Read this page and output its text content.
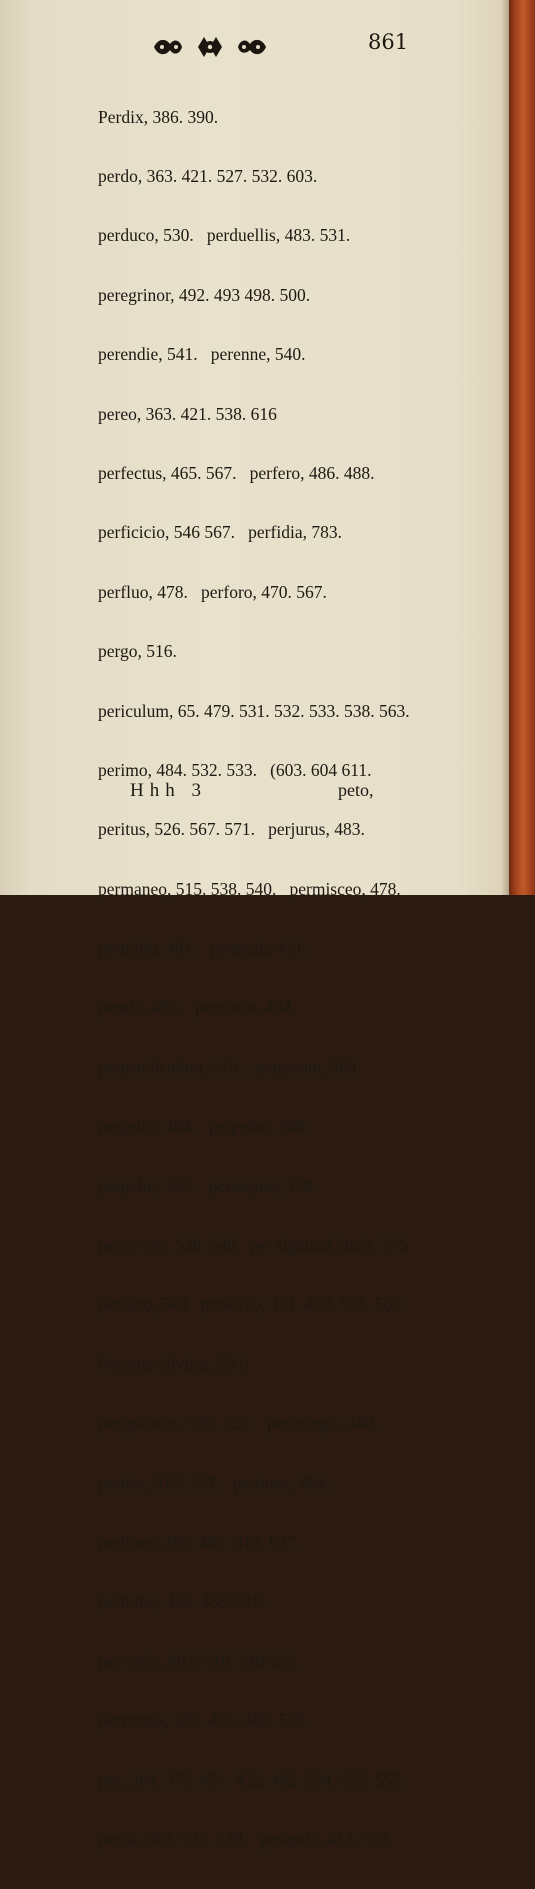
861

Perdix, 386. 390.

perdo, 363. 421. 527. 532. 603.

perduco, 530.   perduellis, 483. 531.

peregrinor, 492. 493 498. 500.

perendie, 541.   perenne, 540.

pereo, 363. 421. 538. 616

perfectus, 465. 567.   perfero, 486. 488.

perficicio, 546 567.   perfidia, 783.

perfluo, 478.   perforo, 470. 567.

pergo, 516.

periculum, 65. 479. 531. 532. 533. 538. 563.

perimo, 484. 532. 533.   (603. 604 611.

peritus, 526. 567. 571.   perjurus, 483.

permaneo, 515. 538. 540.   permisceo, 478.

permitto, 481.   permuto, 421.

pernix, 480.   pernocto, 494.

perpendiculum, 515.   perperam, 569.

perpetro, 484.   perpetuo, 540.

perpolio, 567.   persequor, 528.

persevero, 538. 540.  per signumCrucis, 575

persisto, 540   persolvo, 421. 422. 504. 567.

Personæ divinæ, 591.

perspicuum, 526. 527.   perstringo, 440.

pertica, 517. 557.   pertinax, 484.

pertineo, 285. 485. 519. 627.

perturbo, 485. 488. 519.

pervenio, 493. 518. 546 551.

perversus, 483. 485. 488. 538.

pes, 364. 373. 451. 452. 462. 534. 535. 555.

pestis, 363. 535. 538.   pesundo, 413. 532.

Hhh 3	peto,
